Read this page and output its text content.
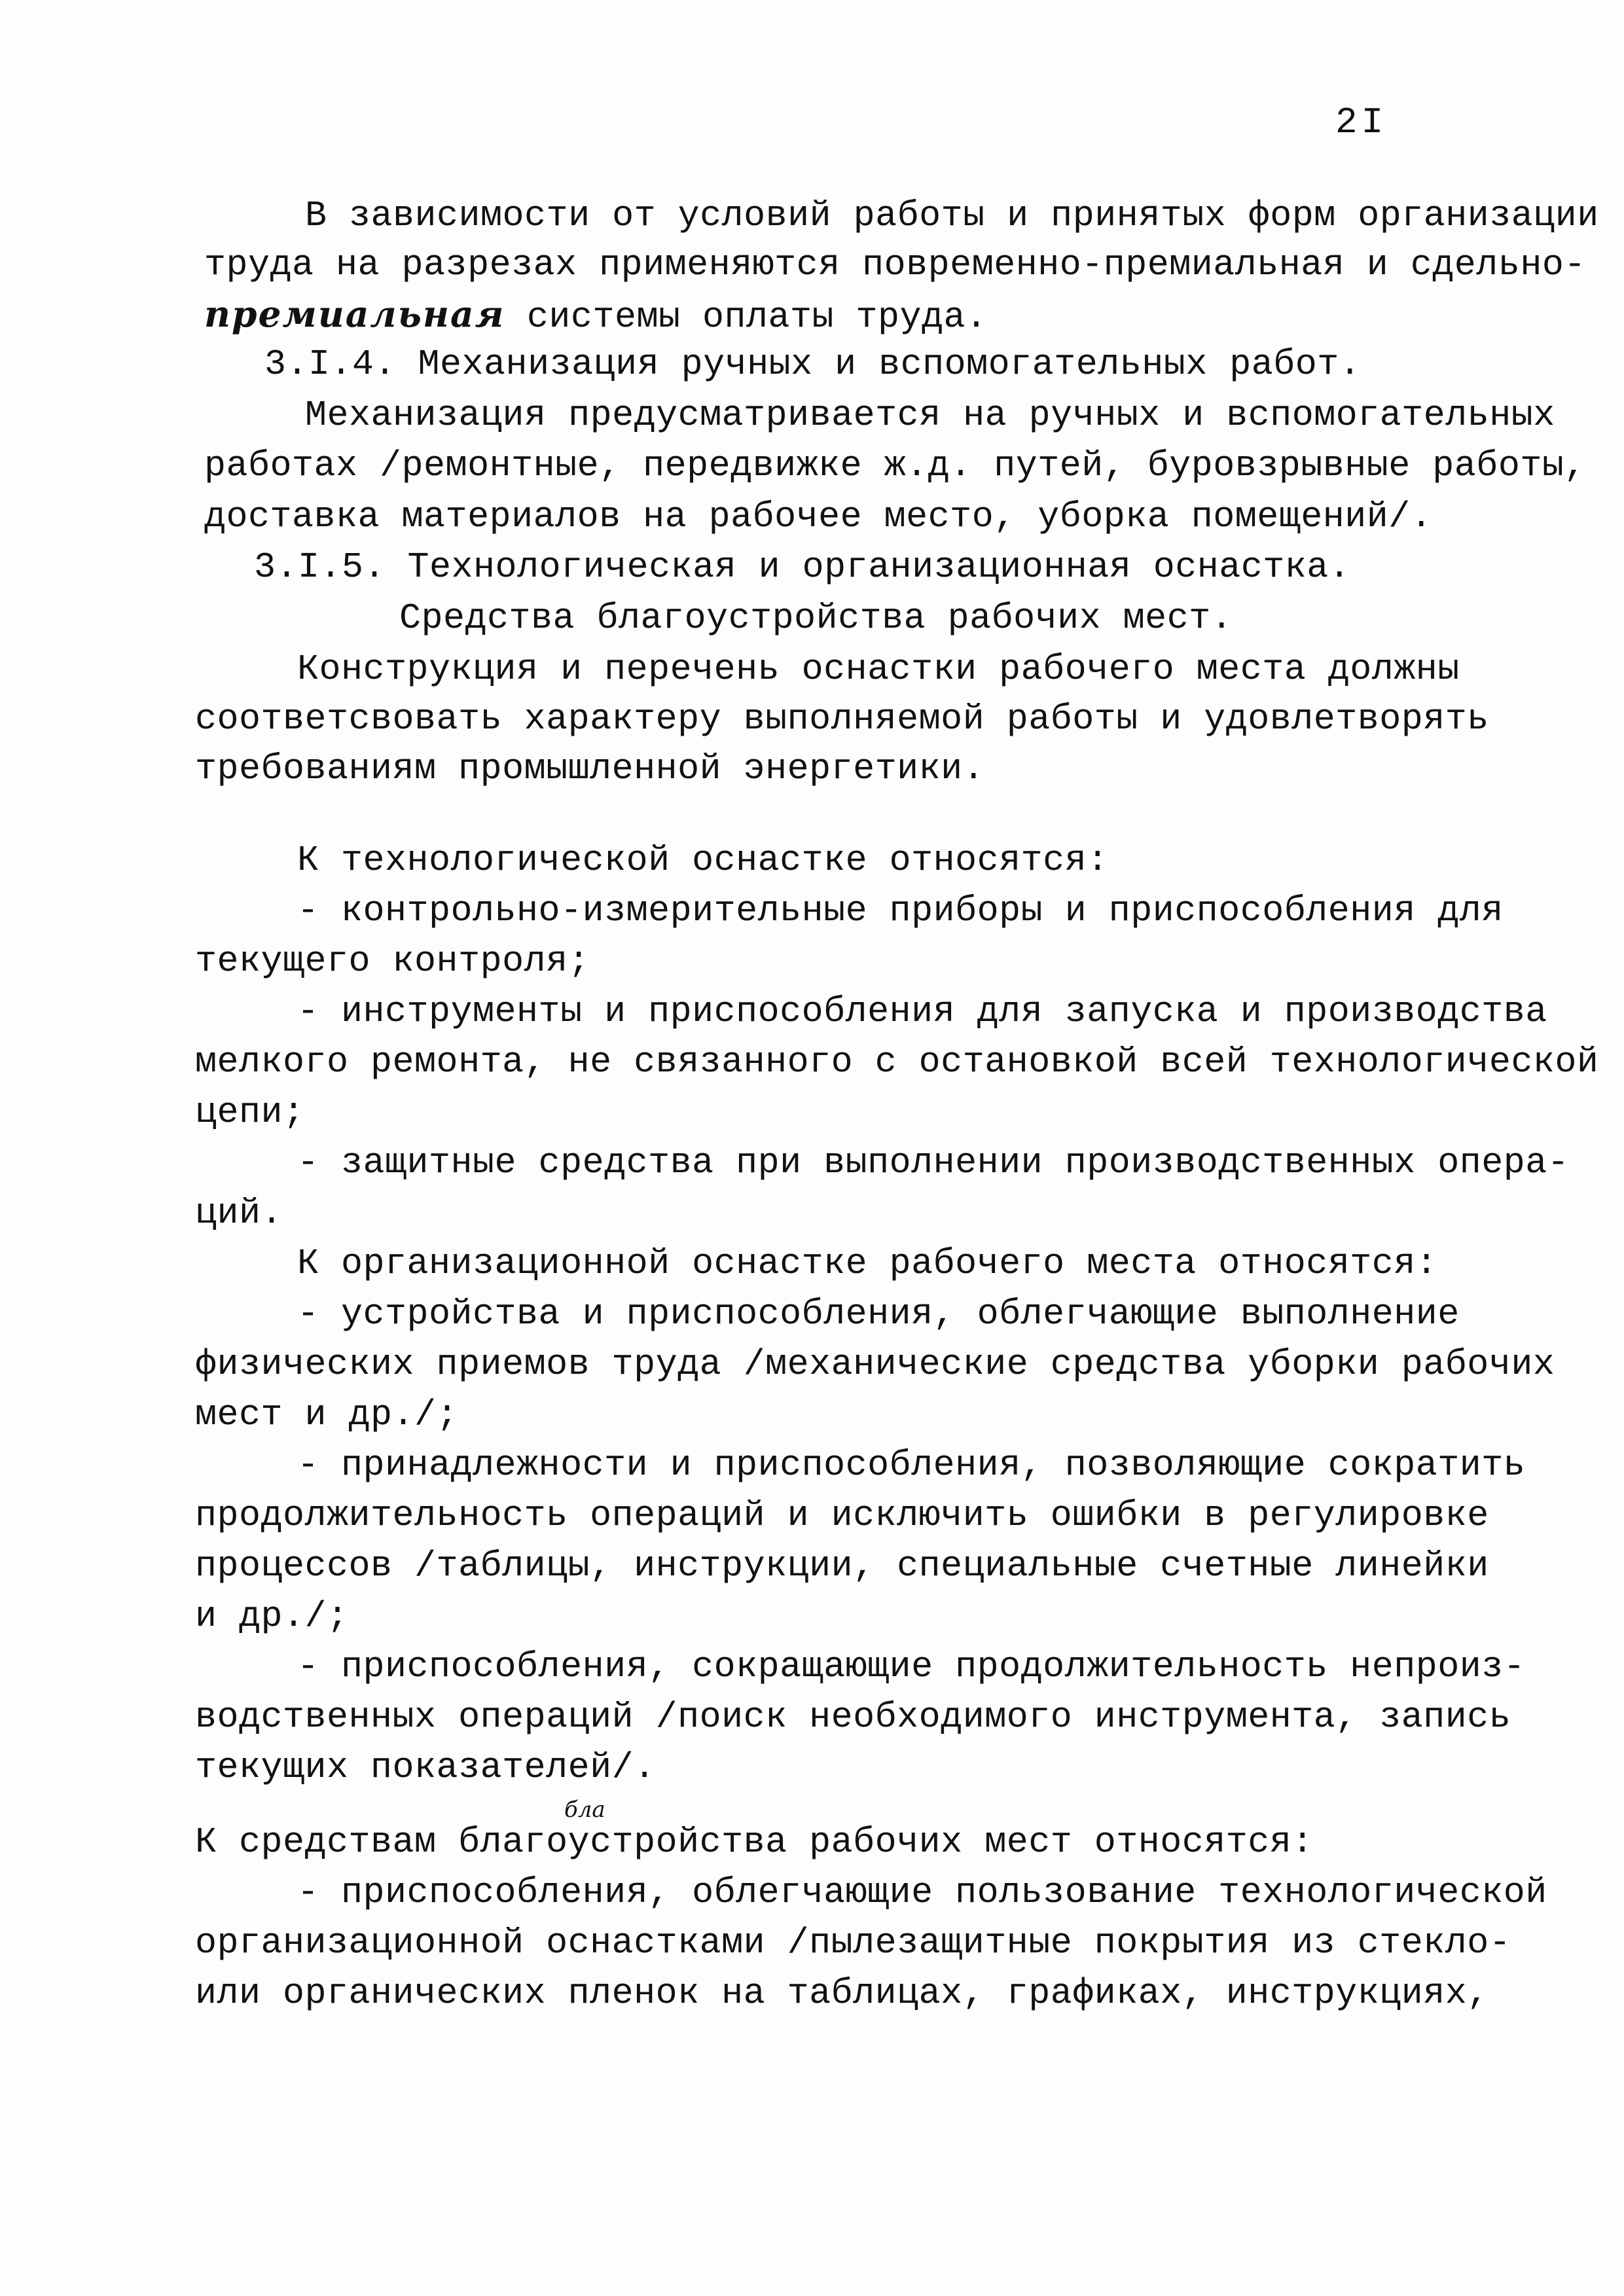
2I
В зависимости от условий работы и принятых форм организации
труда на разрезах применяются повременно-премиальная и сдельно-
премиальная системы оплаты труда.
3.I.4. Механизация ручных и вспомогательных работ.
Механизация предусматривается на ручных и вспомогательных
работах /ремонтные, передвижке ж.д. путей, буровзрывные работы,
доставка материалов на рабочее место, уборка помещений/.
3.I.5. Технологическая и организационная оснастка.
Средства благоустройства рабочих мест.
Конструкция и перечень оснастки рабочего места должны
соответсвовать характеру выполняемой работы и удовлетворять
требованиям промышленной энергетики.
К технологической оснастке относятся:
- контрольно-измерительные приборы и приспособления для
текущего контроля;
- инструменты и приспособления для запуска и производства
мелкого ремонта, не связанного с остановкой всей технологической
цепи;
- защитные средства при выполнении производственных опера-
ций.
К организационной оснастке рабочего места относятся:
- устройства и приспособления, облегчающие выполнение
физических приемов труда /механические средства уборки рабочих
мест и др./;
- принадлежности и приспособления, позволяющие сократить
продолжительность операций и исключить ошибки в регулировке
процессов /таблицы, инструкции, специальные счетные линейки
и др./;
- приспособления, сокращающие продолжительность непроиз-
водственных операций /поиск необходимого инструмента, запись
текущих показателей/.
бла
К средствам благоустройства рабочих мест относятся:
- приспособления, облегчающие пользование технологической
организационной оснастками /пылезащитные покрытия из стекло-
или органических пленок на таблицах, графиках, инструкциях,
